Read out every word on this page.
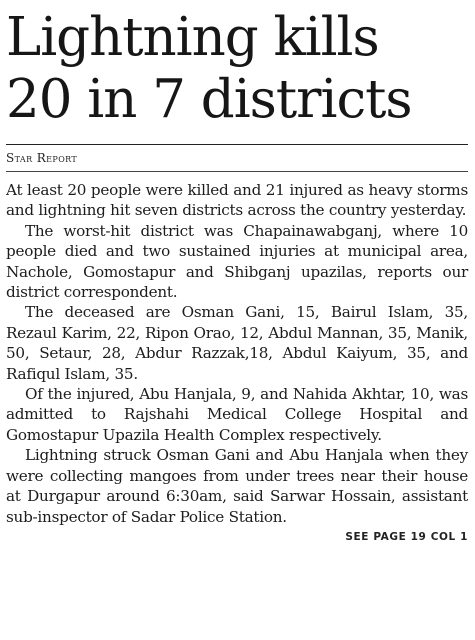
Lightning kills
20 in 7 districts
Star Report

At least 20 people were killed and 21 injured as heavy storms and lightning hit seven districts across the country yesterday.

The worst-hit district was Chapainawabganj, where 10 people died and two sustained injuries at municipal area, Nachole, Gomostapur and Shibganj upazilas, reports our district correspondent.

The deceased are Osman Gani, 15, Bairul Islam, 35, Rezaul Karim, 22, Ripon Orao, 12, Abdul Mannan, 35, Manik, 50, Setaur, 28, Abdur Razzak,18, Abdul Kaiyum, 35, and Rafiqul Islam, 35.

Of the injured, Abu Hanjala, 9, and Nahida Akhtar, 10, was admitted to Rajshahi Medical College Hospital and Gomostapur Upazila Health Complex respectively.

Lightning struck Osman Gani and Abu Hanjala when they were collecting mangoes from under trees near their house at Durgapur around 6:30am, said Sarwar Hossain, assistant sub-inspector of Sadar Police Station.

SEE PAGE 19 COL 1
